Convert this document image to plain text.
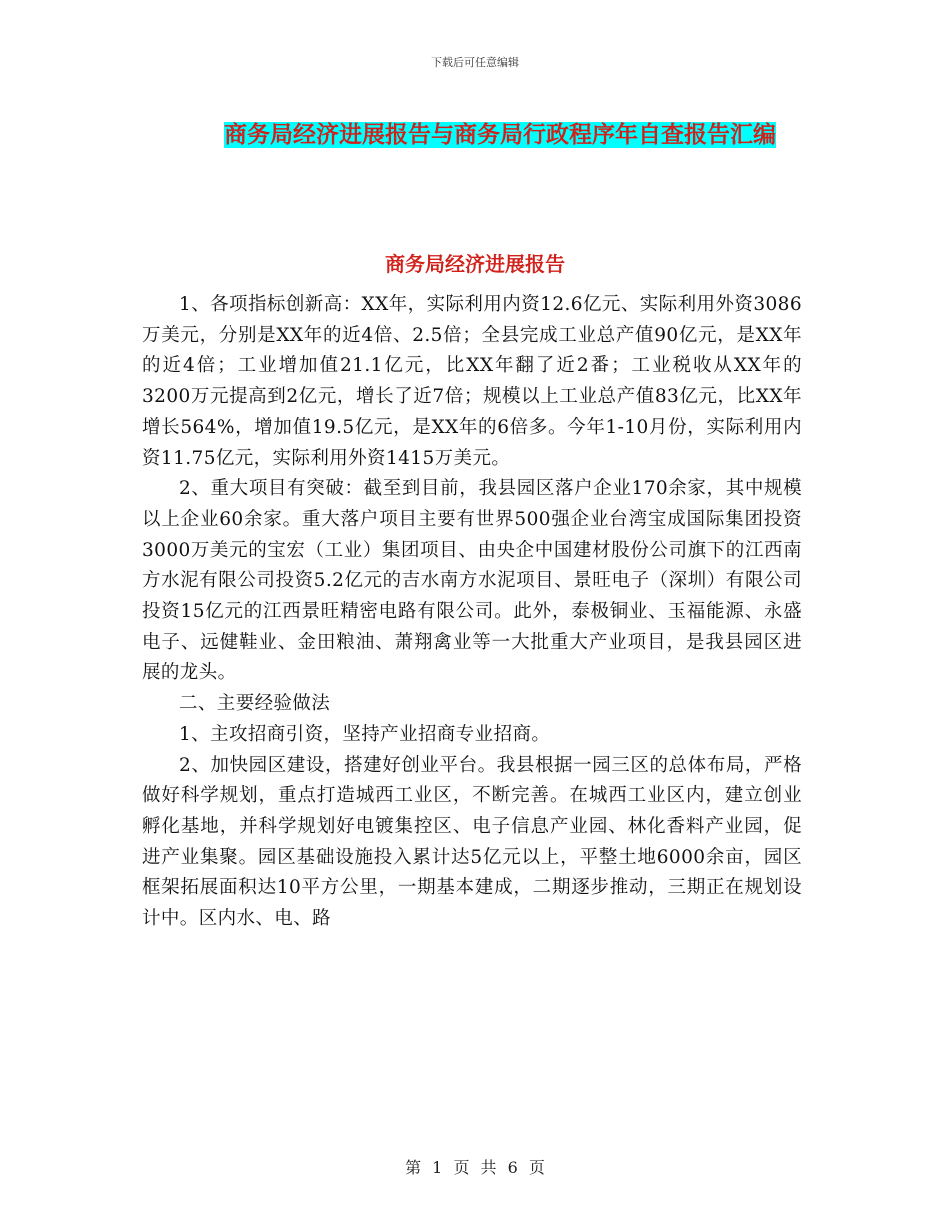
下载后可任意编辑
商务局经济进展报告与商务局行政程序年自查报告汇编
商务局经济进展报告

1、各项指标创新高：XX年，实际利用内资12.6亿元、实际利用外资3086万美元，分别是XX年的近4倍、2.5倍；全县完成工业总产值90亿元，是XX年的近4倍；工业增加值21.1亿元，比XX年翻了近2番；工业税收从XX年的3200万元提高到2亿元，增长了近7倍；规模以上工业总产值83亿元，比XX年增长564%，增加值19.5亿元，是XX年的6倍多。今年1-10月份，实际利用内资11.75亿元，实际利用外资1415万美元。

2、重大项目有突破：截至到目前，我县园区落户企业170余家，其中规模以上企业60余家。重大落户项目主要有世界500强企业台湾宝成国际集团投资3000万美元的宝宏（工业）集团项目、由央企中国建材股份公司旗下的江西南方水泥有限公司投资5.2亿元的吉水南方水泥项目、景旺电子（深圳）有限公司投资15亿元的江西景旺精密电路有限公司。此外，泰极铜业、玉福能源、永盛电子、远健鞋业、金田粮油、萧翔禽业等一大批重大产业项目，是我县园区进展的龙头。

二、主要经验做法

1、主攻招商引资，坚持产业招商专业招商。

2、加快园区建设，搭建好创业平台。我县根据一园三区的总体布局，严格做好科学规划，重点打造城西工业区，不断完善。在城西工业区内，建立创业孵化基地，并科学规划好电镀集控区、电子信息产业园、林化香料产业园，促进产业集聚。园区基础设施投入累计达5亿元以上，平整土地6000余亩，园区框架拓展面积达10平方公里，一期基本建成，二期逐步推动，三期正在规划设计中。区内水、电、路

第 1 页 共 6 页
